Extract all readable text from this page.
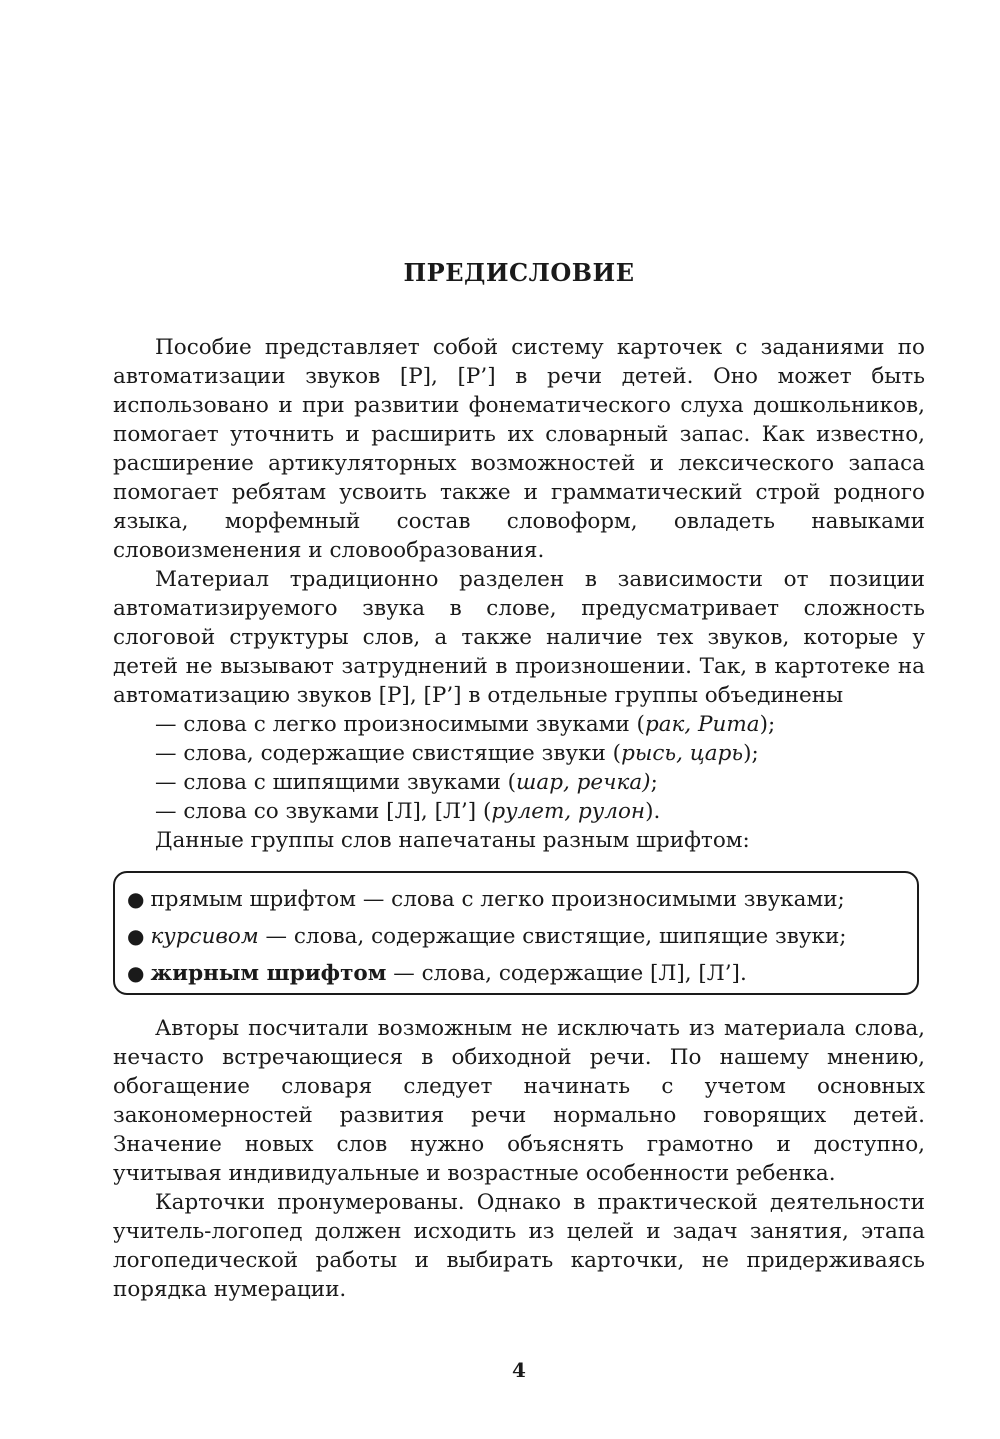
ПРЕДИСЛОВИЕ

Пособие представляет собой систему карточек с заданиями по автоматизации звуков [Р], [Р’] в речи детей. Оно может быть использовано и при развитии фонематического слуха дошкольников, помогает уточнить и расширить их словарный запас. Как известно, расширение артикуляторных возможностей и лексического запаса помогает ребятам усвоить также и грамматический строй родного языка, морфемный состав словоформ, овладеть навыками словоизменения и словообразования.

Материал традиционно разделен в зависимости от позиции автоматизируемого звука в слове, предусматривает сложность слоговой структуры слов, а также наличие тех звуков, которые у детей не вызывают затруднений в произношении. Так, в картотеке на автоматизацию звуков [Р], [Р’] в отдельные группы объединены

— слова с легко произносимыми звуками (рак, Рита);

— слова, содержащие свистящие звуки (рысь, царь);

— слова с шипящими звуками (шар, речка);

— слова со звуками [Л], [Л’] (рулет, рулон).

Данные группы слов напечатаны разным шрифтом:

● прямым шрифтом — слова с легко произносимыми звуками;
● курсивом — слова, содержащие свистящие, шипящие звуки;
● жирным шрифтом — слова, содержащие [Л], [Л’].

Авторы посчитали возможным не исключать из материала слова, нечасто встречающиеся в обиходной речи. По нашему мнению, обогащение словаря следует начинать с учетом основных закономерностей развития речи нормально говорящих детей. Значение новых слов нужно объяснять грамотно и доступно, учитывая индивидуальные и возрастные особенности ребенка.

Карточки пронумерованы. Однако в практической деятельности учитель-логопед должен исходить из целей и задач занятия, этапа логопедической работы и выбирать карточки, не придерживаясь порядка нумерации.

4
